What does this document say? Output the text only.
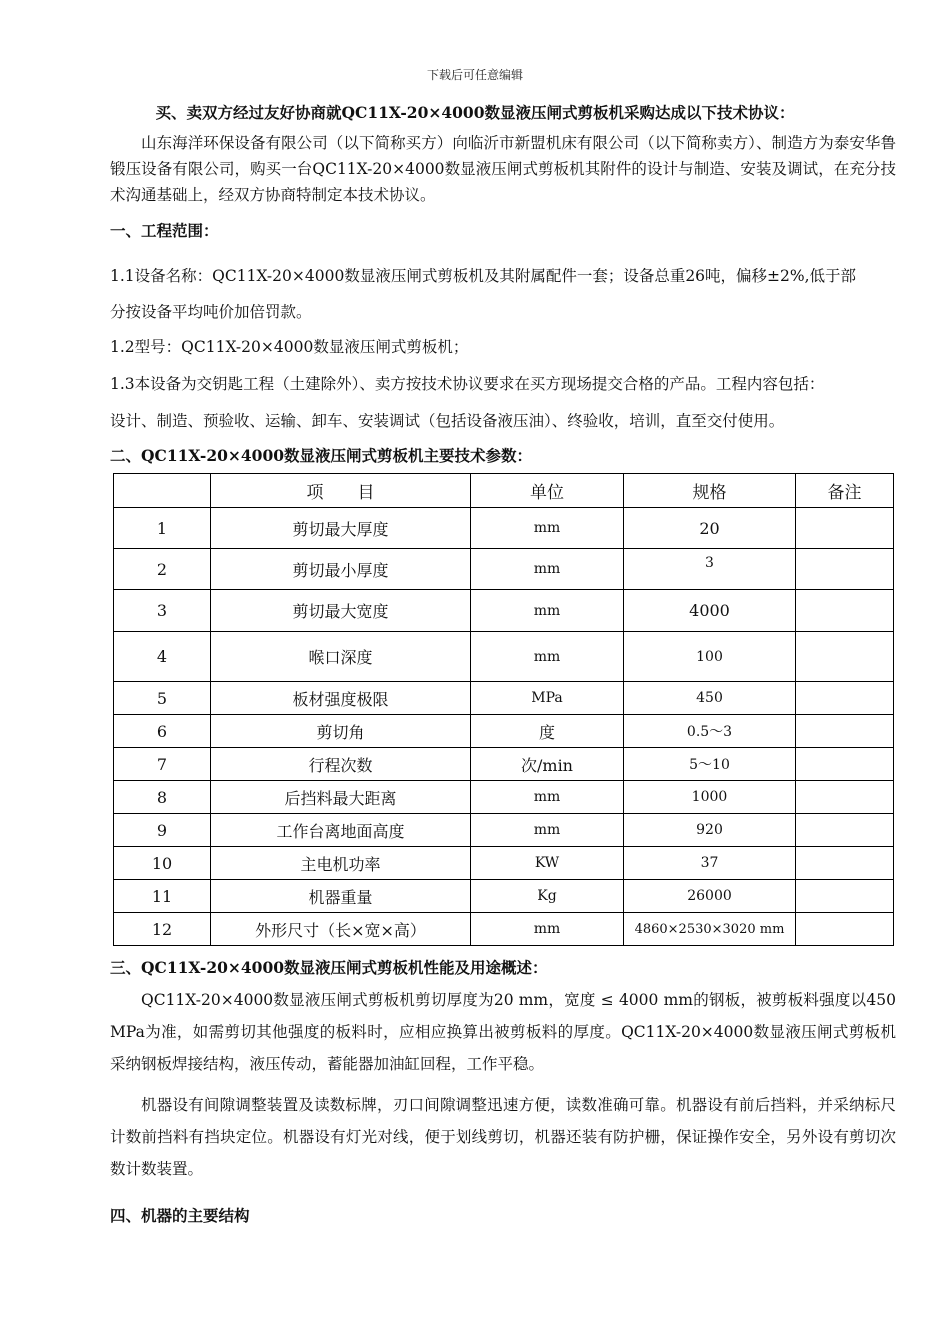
下载后可任意编辑
买、卖双方经过友好协商就QC11X-20×4000数显液压闸式剪板机采购达成以下技术协议：
山东海洋环保设备有限公司（以下简称买方）向临沂市新盟机床有限公司（以下简称卖方）、制造方为泰安华鲁锻压设备有限公司，购买一台QC11X-20×4000数显液压闸式剪板机其附件的设计与制造、安装及调试，在充分技术沟通基础上，经双方协商特制定本技术协议。
一、工程范围：
1.1设备名称：QC11X-20×4000数显液压闸式剪板机及其附属配件一套；设备总重26吨，偏移±2%,低于部
分按设备平均吨价加倍罚款。
1.2型号：QC11X-20×4000数显液压闸式剪板机；
1.3本设备为交钥匙工程（土建除外）、卖方按技术协议要求在买方现场提交合格的产品。工程内容包括：
设计、制造、预验收、运输、卸车、安装调试（包括设备液压油）、终验收，培训，直至交付使用。
二、QC11X-20×4000数显液压闸式剪板机主要技术参数：
	项　　目	单位	规格	备注
1	剪切最大厚度	mm	20	
2	剪切最小厚度	mm	3	
3	剪切最大宽度	mm	4000	
4	喉口深度	mm	100	
5	板材强度极限	MPa	450	
6	剪切角	度	0.5～3	
7	行程次数	次/min	5～10	
8	后挡料最大距离	mm	1000	
9	工作台离地面高度	mm	920	
10	主电机功率	KW	37	
11	机器重量	Kg	26000	
12	外形尺寸（长×宽×高）	mm	4860×2530×3020 mm	
三、QC11X-20×4000数显液压闸式剪板机性能及用途概述：
QC11X-20×4000数显液压闸式剪板机剪切厚度为20 mm，宽度 ≤ 4000 mm的钢板，被剪板料强度以450 MPa为准，如需剪切其他强度的板料时，应相应换算出被剪板料的厚度。QC11X-20×4000数显液压闸式剪板机采纳钢板焊接结构，液压传动，蓄能器加油缸回程，工作平稳。
机器设有间隙调整装置及读数标牌，刃口间隙调整迅速方便，读数准确可靠。机器设有前后挡料，并采纳标尺计数前挡料有挡块定位。机器设有灯光对线，便于划线剪切，机器还装有防护栅，保证操作安全，另外设有剪切次数计数装置。
四、机器的主要结构
